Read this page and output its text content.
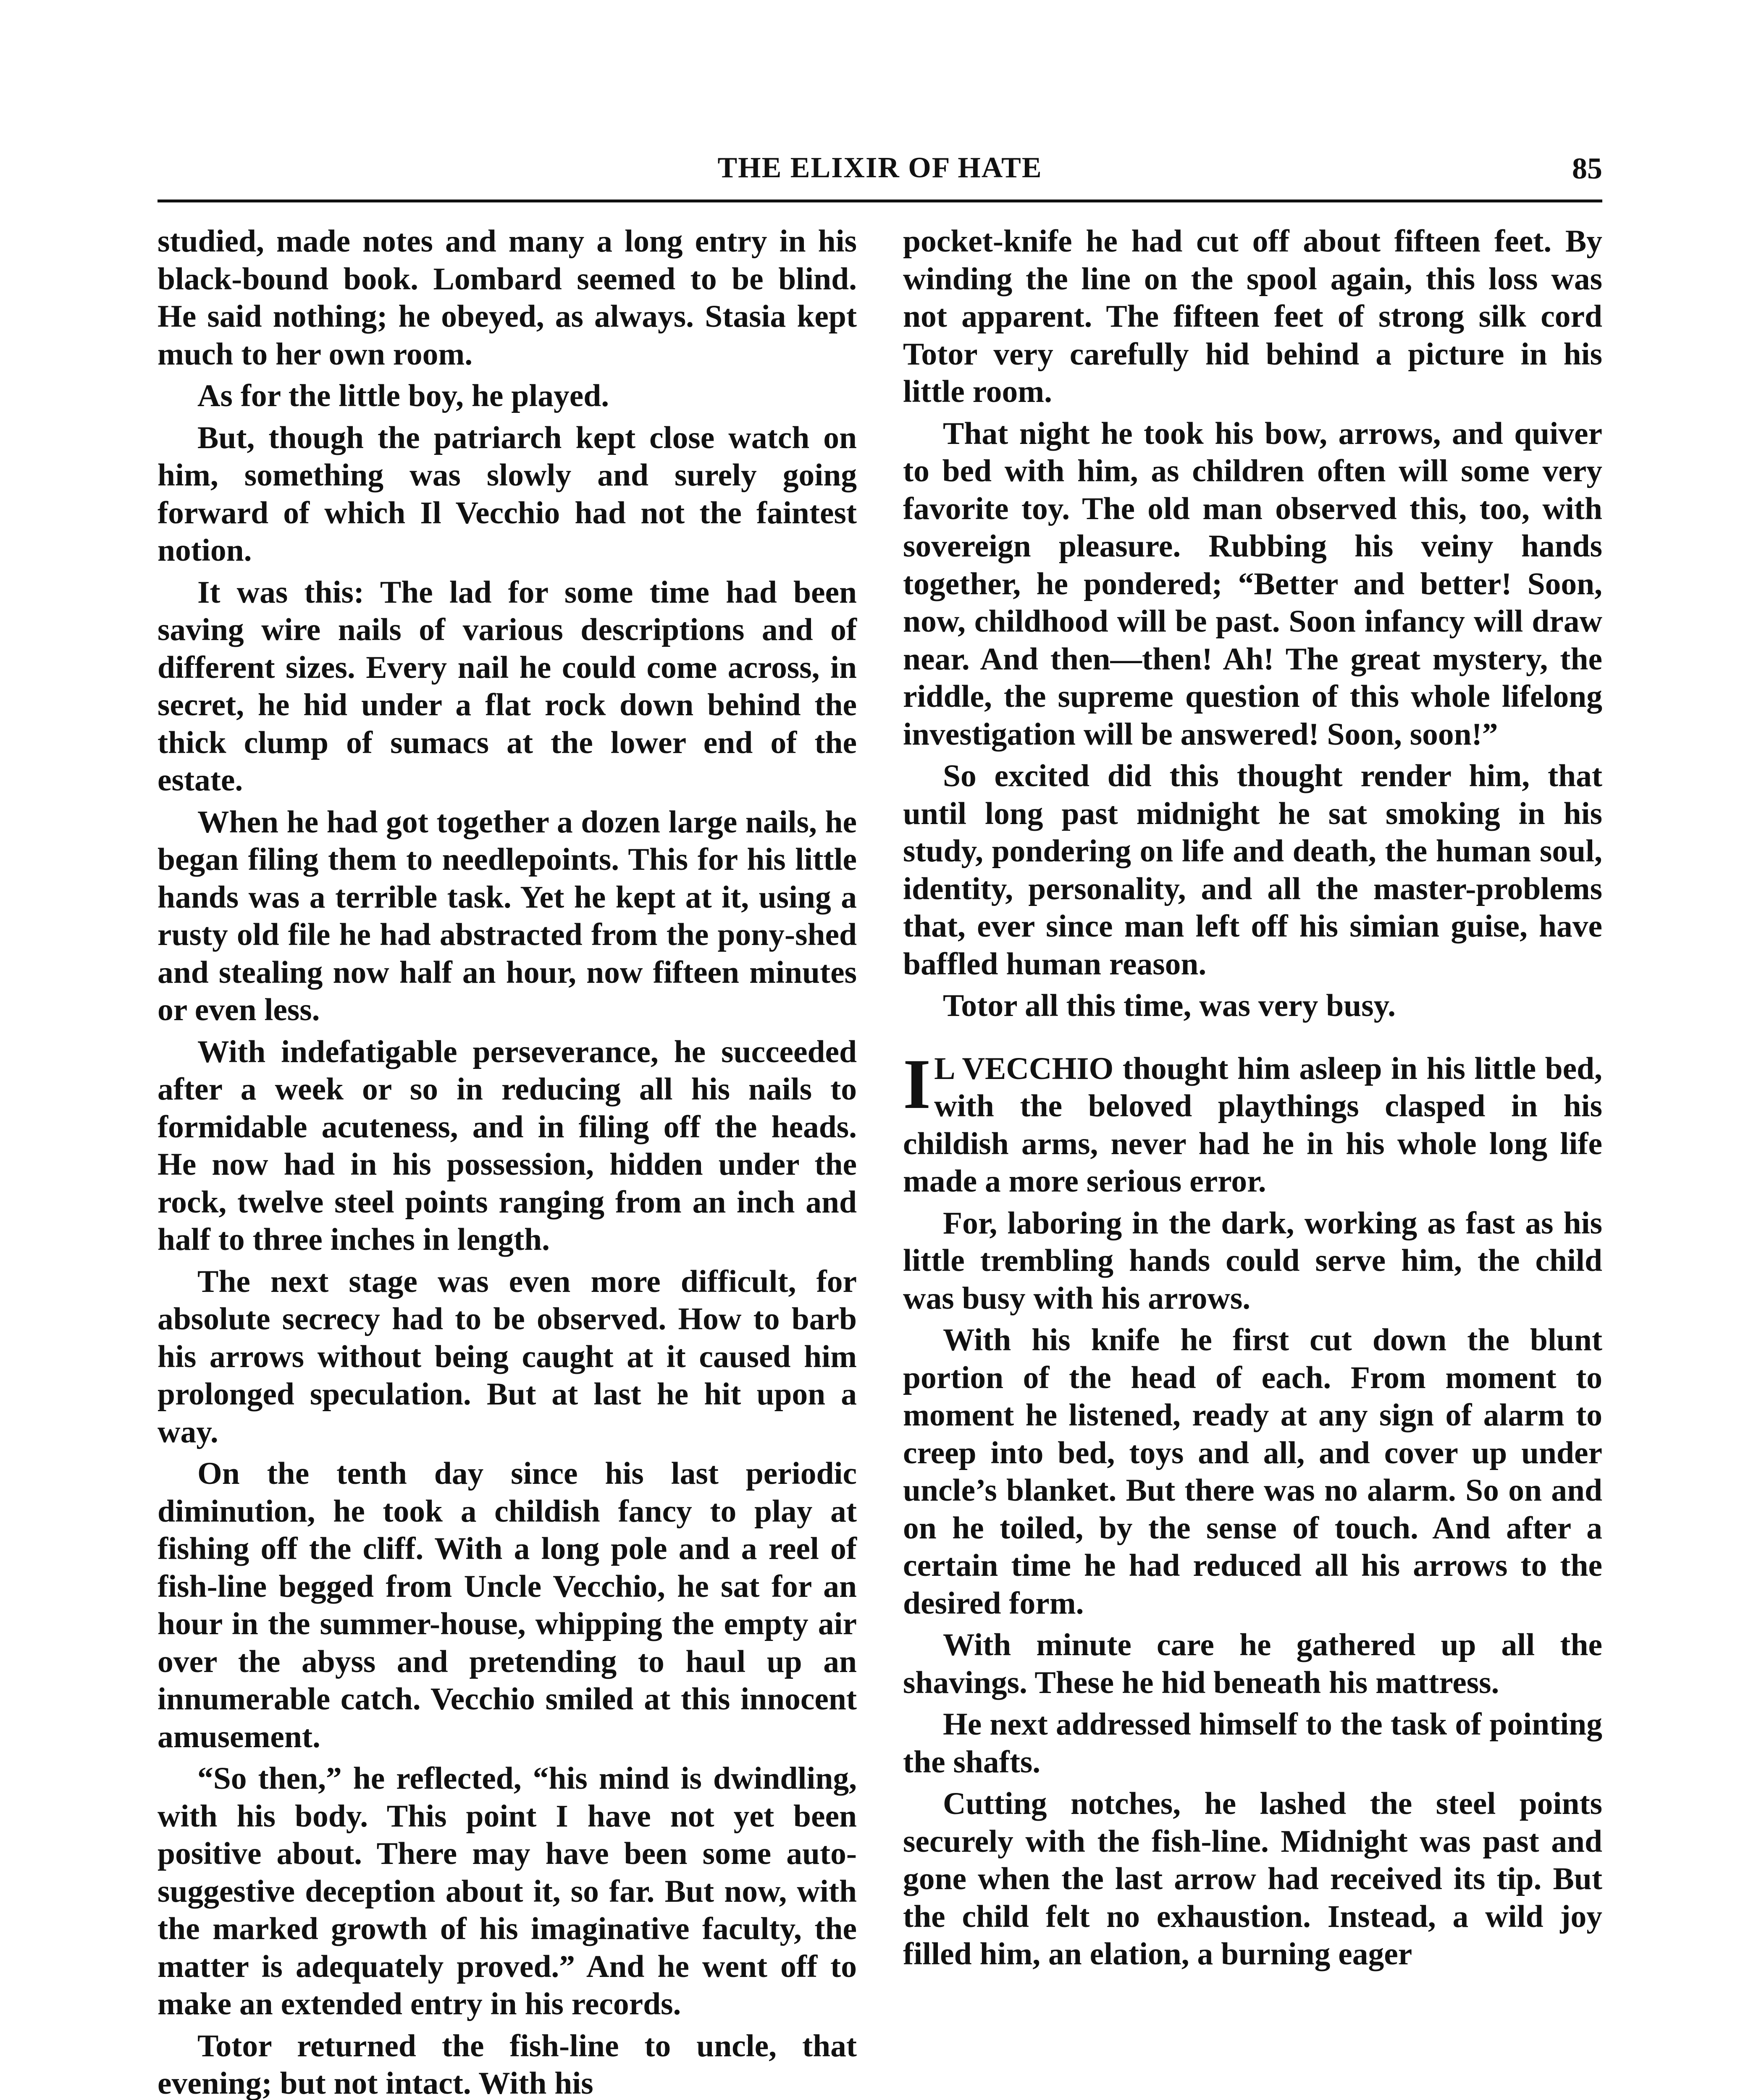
THE ELIXIR OF HATE	85

studied, made notes and many a long entry in his black-bound book. Lombard seemed to be blind. He said nothing; he obeyed, as always. Stasia kept much to her own room.

As for the little boy, he played.

But, though the patriarch kept close watch on him, something was slowly and surely going forward of which Il Vecchio had not the faintest notion.

It was this: The lad for some time had been saving wire nails of various descriptions and of different sizes. Every nail he could come across, in secret, he hid under a flat rock down behind the thick clump of sumacs at the lower end of the estate.

When he had got together a dozen large nails, he began filing them to needlepoints. This for his little hands was a terrible task. Yet he kept at it, using a rusty old file he had abstracted from the pony-shed and stealing now half an hour, now fifteen minutes or even less.

With indefatigable perseverance, he succeeded after a week or so in reducing all his nails to formidable acuteness, and in filing off the heads. He now had in his possession, hidden under the rock, twelve steel points ranging from an inch and half to three inches in length.

The next stage was even more difficult, for absolute secrecy had to be observed. How to barb his arrows without being caught at it caused him prolonged speculation. But at last he hit upon a way.

On the tenth day since his last periodic diminution, he took a childish fancy to play at fishing off the cliff. With a long pole and a reel of fish-line begged from Uncle Vecchio, he sat for an hour in the summer-house, whipping the empty air over the abyss and pretending to haul up an innumerable catch. Vecchio smiled at this innocent amusement.

“So then,” he reflected, “his mind is dwindling, with his body. This point I have not yet been positive about. There may have been some auto-suggestive deception about it, so far. But now, with the marked growth of his imaginative faculty, the matter is adequately proved.” And he went off to make an extended entry in his records.

Totor returned the fish-line to uncle, that evening; but not intact. With his

pocket-knife he had cut off about fifteen feet. By winding the line on the spool again, this loss was not apparent. The fifteen feet of strong silk cord Totor very carefully hid behind a picture in his little room.

That night he took his bow, arrows, and quiver to bed with him, as children often will some very favorite toy. The old man observed this, too, with sovereign pleasure. Rubbing his veiny hands together, he pondered; “Better and better! Soon, now, childhood will be past. Soon infancy will draw near. And then—then! Ah! The great mystery, the riddle, the supreme question of this whole lifelong investigation will be answered! Soon, soon!”

So excited did this thought render him, that until long past midnight he sat smoking in his study, pondering on life and death, the human soul, identity, personality, and all the master-problems that, ever since man left off his simian guise, have baffled human reason.

Totor all this time, was very busy.

I L VECCHIO thought him asleep in his little bed, with the beloved playthings clasped in his childish arms, never had he in his whole long life made a more serious error.

For, laboring in the dark, working as fast as his little trembling hands could serve him, the child was busy with his arrows.

With his knife he first cut down the blunt portion of the head of each. From moment to moment he listened, ready at any sign of alarm to creep into bed, toys and all, and cover up under uncle’s blanket. But there was no alarm. So on and on he toiled, by the sense of touch. And after a certain time he had reduced all his arrows to the desired form.

With minute care he gathered up all the shavings. These he hid beneath his mattress.

He next addressed himself to the task of pointing the shafts.

Cutting notches, he lashed the steel points securely with the fish-line. Midnight was past and gone when the last arrow had received its tip. But the child felt no exhaustion. Instead, a wild joy filled him, an elation, a burning eager
